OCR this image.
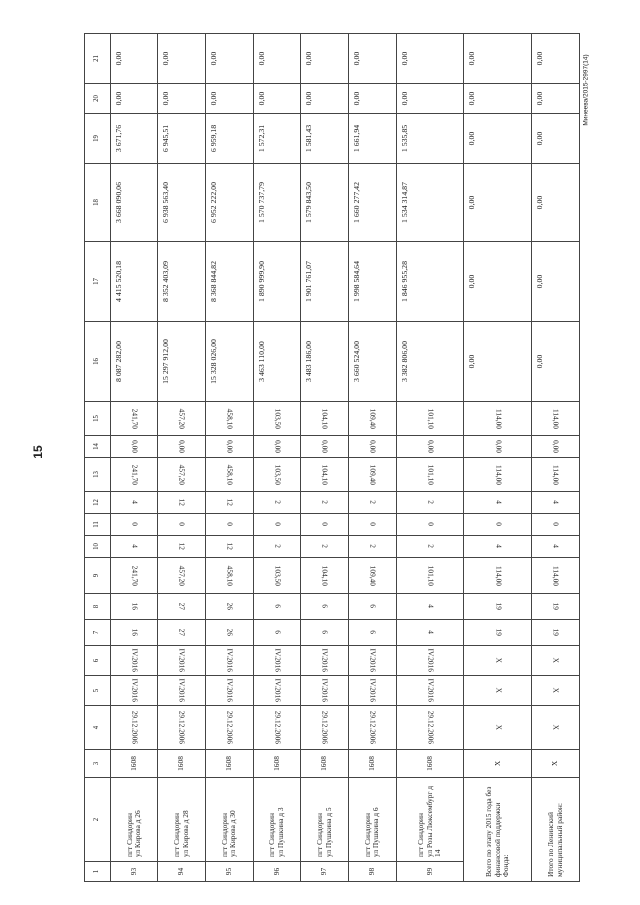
15
Минеева/2015-2997(14)
1	2	3	4	5	6	7	8	9	10	11	12	13	14	15	16	17	18	19	20	21
93	пгт Синдорин ул Кирова д 26	1608	29.12.2006	IV.2016	IV.2016	16	16	241,70	4	0	4	241,70	0,00	241,70	8 087 282,00	4 415 520,18	3 668 090,06	3 671,76	0,00	0,00
94	пгт Синдорин ул Кирова д 28	1608	29.12.2006	IV.2016	IV.2016	27	27	457,20	12	0	12	457,20	0,00	457,20	15 297 912,00	8 352 403,09	6 938 563,40	6 945,51	0,00	0,00
95	пгт Синдорин ул Кирова д 30	1608	29.12.2006	IV.2016	IV.2016	26	26	458,10	12	0	12	458,10	0,00	458,10	15 328 026,00	8 368 844,82	6 952 222,00	6 959,18	0,00	0,00
96	пгт Синдорин ул Пушкина д 3	1608	29.12.2006	IV.2016	IV.2016	6	6	103,50	2	0	2	103,50	0,00	103,50	3 463 110,00	1 890 999,90	1 570 737,79	1 572,31	0,00	0,00
97	пгт Синдорин ул Пушкина д 5	1608	29.12.2006	IV.2016	IV.2016	6	6	104,10	2	0	2	104,10	0,00	104,10	3 483 186,00	1 901 761,07	1 579 843,50	1 581,43	0,00	0,00
98	пгт Синдорин ул Пушкина д 6	1608	29.12.2006	IV.2016	IV.2016	6	6	109,40	2	0	2	109,40	0,00	109,40	3 660 524,00	1 998 584,64	1 660 277,42	1 661,94	0,00	0,00
99	пгт Синдорин ул Розы Люксембург д 14	1608	29.12.2006	IV.2016	IV.2016	4	4	101,10	2	0	2	101,10	0,00	101,10	3 382 806,00	1 846 955,28	1 534 314,87	1 535,85	0,00	0,00
Всего по этапу 2015 года без финансовой поддержки Фонда:		X	X	X	X	19	19	114,00	4	0	4	114,00	0,00	114,00	0,00	0,00	0,00	0,00	0,00	0,00
Итого по Ленинский муниципальный район:		X	X	X	X	19	19	114,00	4	0	4	114,00	0,00	114,00	0,00	0,00	0,00	0,00	0,00	0,00
